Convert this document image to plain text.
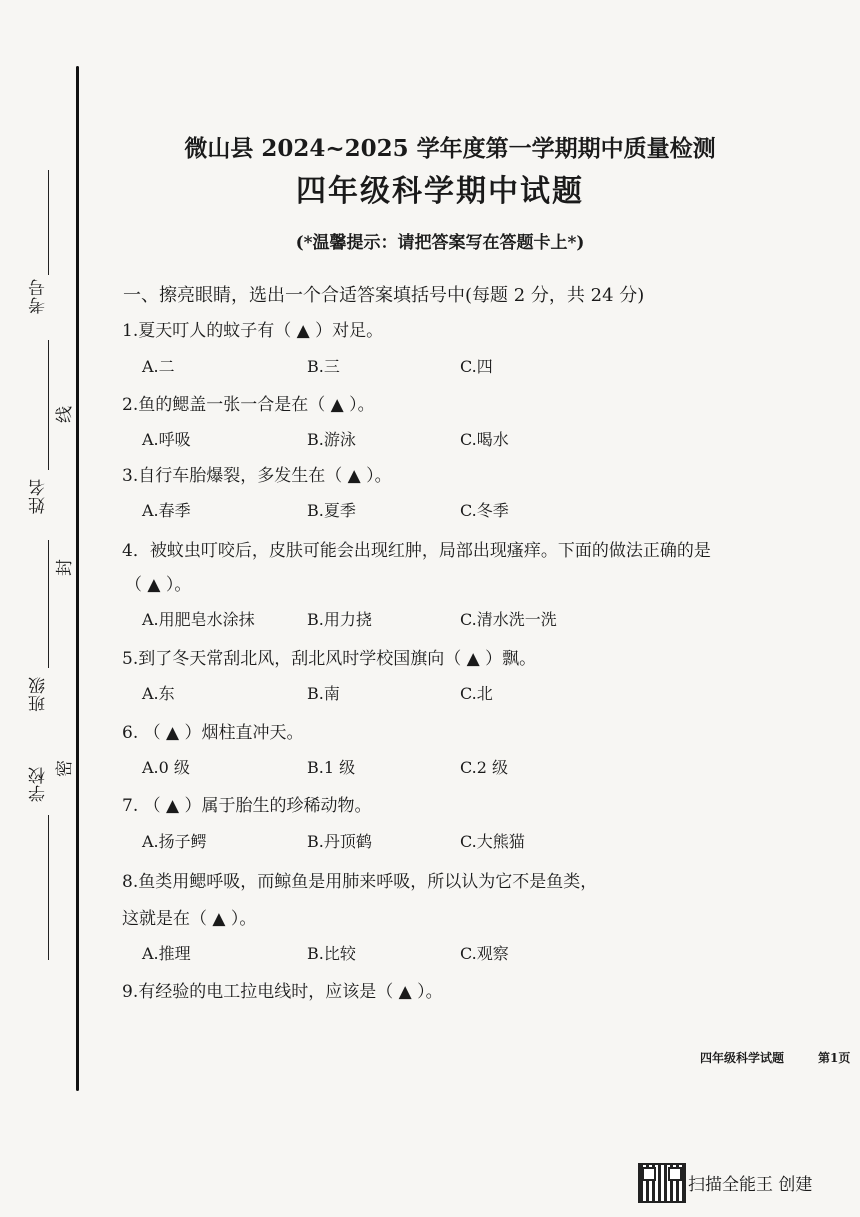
考号
姓名
班级
学校
线
封
密
微山县 2024~2025 学年度第一学期期中质量检测
四年级科学期中试题
(*温馨提示：请把答案写在答题卡上*)
一、擦亮眼睛，选出一个合适答案填括号中(每题 2 分，共 24 分)
1.夏天叮人的蚊子有（ ▲ ）对足。
A.二	B.三	C.四
2.鱼的鳃盖一张一合是在（ ▲ ）。
A.呼吸	B.游泳	C.喝水
3.自行车胎爆裂，多发生在（ ▲ ）。
A.春季	B.夏季	C.冬季
4．被蚊虫叮咬后，皮肤可能会出现红肿，局部出现瘙痒。下面的做法正确的是
（ ▲ ）。
A.用肥皂水涂抹	B.用力挠	C.清水洗一洗
5.到了冬天常刮北风，刮北风时学校国旗向（ ▲ ）飘。
A.东	B.南	C.北
6. （ ▲ ）烟柱直冲天。
A.0 级	B.1 级	C.2 级
7. （ ▲ ）属于胎生的珍稀动物。
A.扬子鳄	B.丹顶鹤	C.大熊猫
8.鱼类用鳃呼吸，而鲸鱼是用肺来呼吸，所以认为它不是鱼类，
这就是在（ ▲ ）。
A.推理	B.比较	C.观察
9.有经验的电工拉电线时，应该是（ ▲ ）。
四年级科学试题	第1页
扫描全能王 创建
